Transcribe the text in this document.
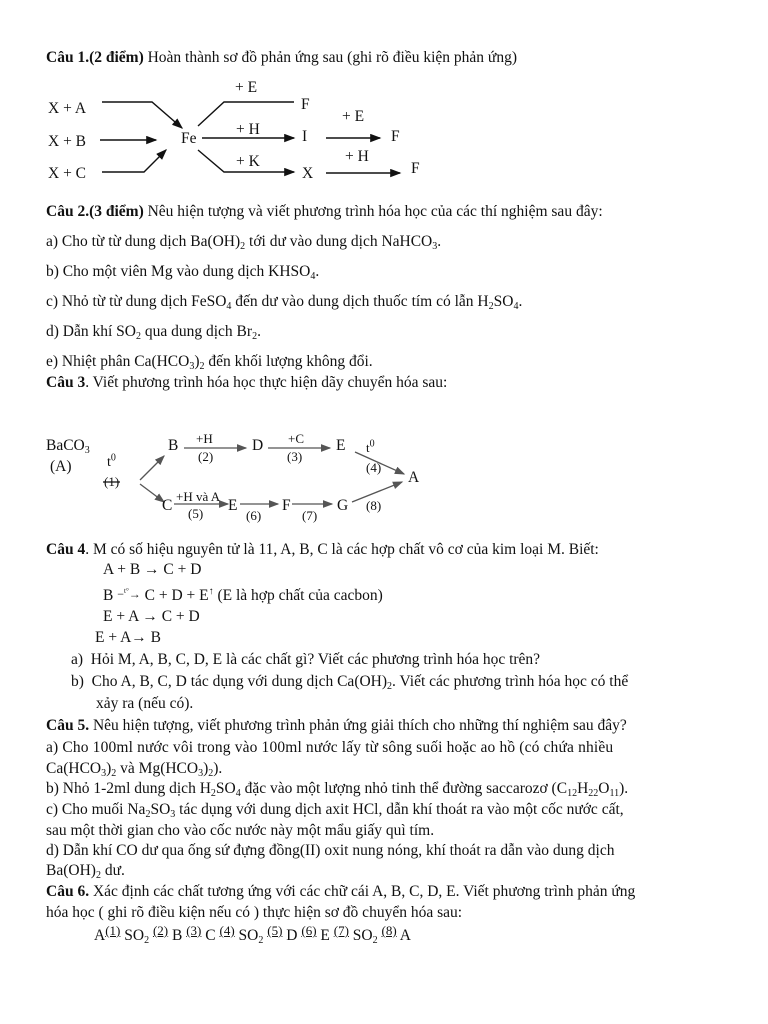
Câu 1.(2 điểm) Hoàn thành sơ đồ phản ứng sau (ghi rõ điều kiện phản ứng)
X + A
X + B
X + C
Fe
+ E
+ H
+ K
F
I
X
+ E
+ H
F
F
Câu 2.(3 điểm) Nêu hiện tượng và viết phương trình hóa học của các thí nghiệm sau đây:
a) Cho từ từ dung dịch $Ba(OH)_2$ tới dư vào dung dịch NaHCO$_3$.
b) Cho một viên Mg vào dung dịch $KHSO_4$.
c) Nhỏ từ từ dung dịch FeSO$_4$ đến dư vào dung dịch thuốc tím có lẫn $H_2SO_4$.
d) Dẫn khí $SO_2$ qua dung dịch $Br_2$.
e) Nhiệt phân $Ca(HCO_3)_2$ đến khối lượng không đổi.
Câu 3. Viết phương trình hóa học thực hiện dãy chuyển hóa sau:
BaCO$_3$
(A)	$t^0$
(1)
B +H
(2)
D +C
(3)
E $t^0$
(4)
A
C
+H và A
(5) E
(6)
F
(7)
G (8)
Câu 4. M có số hiệu nguyên tử là 11, A, B, C là các hợp chất vô cơ của kim loại M. Biết:
A + B → C + D
B −$^{t^\circ}$→ C + D + E↑ (E là hợp chất của cacbon)
E + A → C + D
E + A→ B
a) Hỏi M, A, B, C, D, E là các chất gì? Viết các phương trình hóa học trên?
b) Cho A, B, C, D tác dụng với dung dịch $Ca(OH)_2$. Viết các phương trình hóa học có thể
xảy ra (nếu có).
Câu 5. Nêu hiện tượng, viết phương trình phản ứng giải thích cho những thí nghiệm sau đây?
a) Cho 100ml nước vôi trong vào 100ml nước lấy từ sông suối hoặc ao hồ (có chứa nhiều
$Ca(HCO_3)_2$ và $Mg(HCO_3)_2$).
b) Nhỏ 1-2ml dung dịch $H_2SO_4$ đặc vào một lượng nhỏ tinh thể đường saccarozơ $(C_{12}H_{22}O_{11})$.
c) Cho muối $Na_2SO_3$ tác dụng với dung dịch axit HCl, dẫn khí thoát ra vào một cốc nước cất,
sau một thời gian cho vào cốc nước này một mẩu giấy quì tím.
d) Dẫn khí CO dư qua ống sứ đựng đồng(II) oxit nung nóng, khí thoát ra dẫn vào dung dịch
$Ba(OH)_2$ dư.
Câu 6. Xác định các chất tương ứng với các chữ cái A, B, C, D, E. Viết phương trình phản ứng
hóa học ( ghi rõ điều kiện nếu có ) thực hiện sơ đồ chuyển hóa sau:
$A^{(1)}$ $SO_2$ $^{(2)}$ B $^{(3)}$ C $^{(4)}$ $SO_2$ $^{(5)}$ D $^{(6)}$ E $^{(7)}$ $SO_2$ $^{(8)}$ A
